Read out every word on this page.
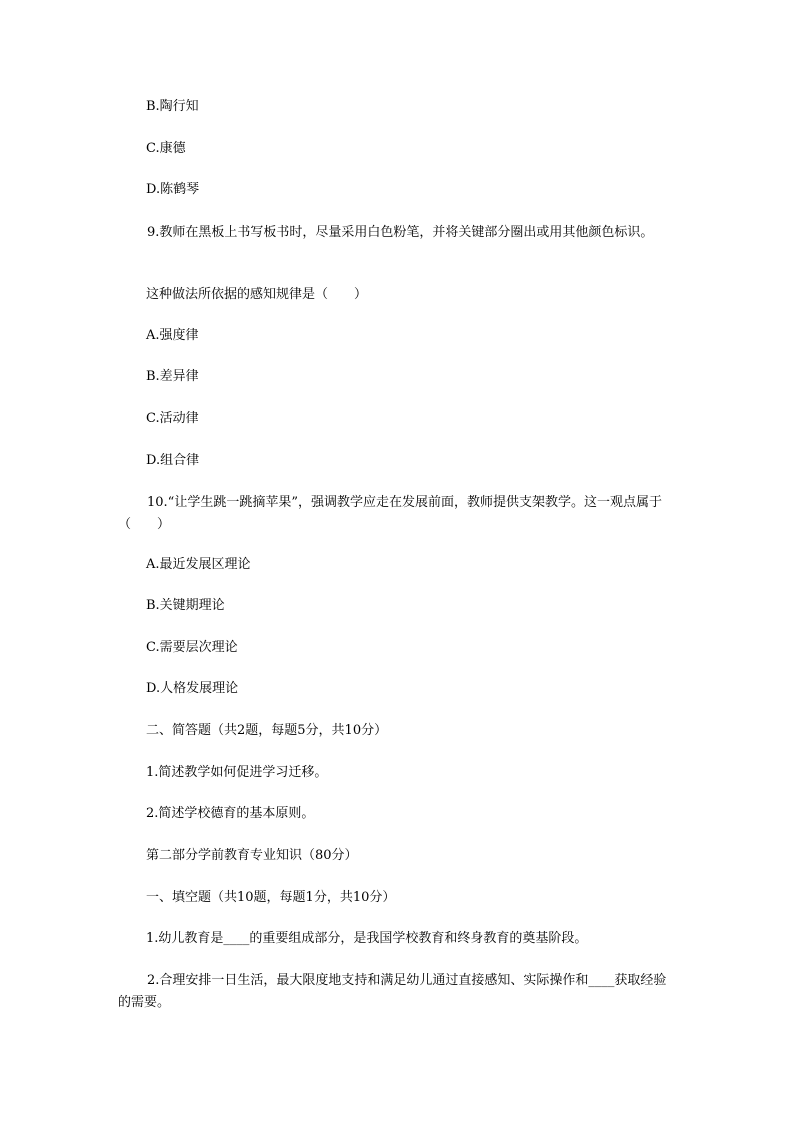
B.陶行知
C.康德
D.陈鹤琴
9.教师在黑板上书写板书时，尽量采用白色粉笔，并将关键部分圈出或用其他颜色标识。
这种做法所依据的感知规律是（　　）
A.强度律
B.差异律
C.活动律
D.组合律
10.“让学生跳一跳摘苹果”，强调教学应走在发展前面，教师提供支架教学。这一观点属于（　　）
A.最近发展区理论
B.关键期理论
C.需要层次理论
D.人格发展理论
二、简答题（共2题，每题5分，共10分）
1.简述教学如何促进学习迁移。
2.简述学校德育的基本原则。
第二部分学前教育专业知识（80分）
一、填空题（共10题，每题1分，共10分）
1.幼儿教育是____的重要组成部分，是我国学校教育和终身教育的奠基阶段。
2.合理安排一日生活，最大限度地支持和满足幼儿通过直接感知、实际操作和____获取经验的需要。
